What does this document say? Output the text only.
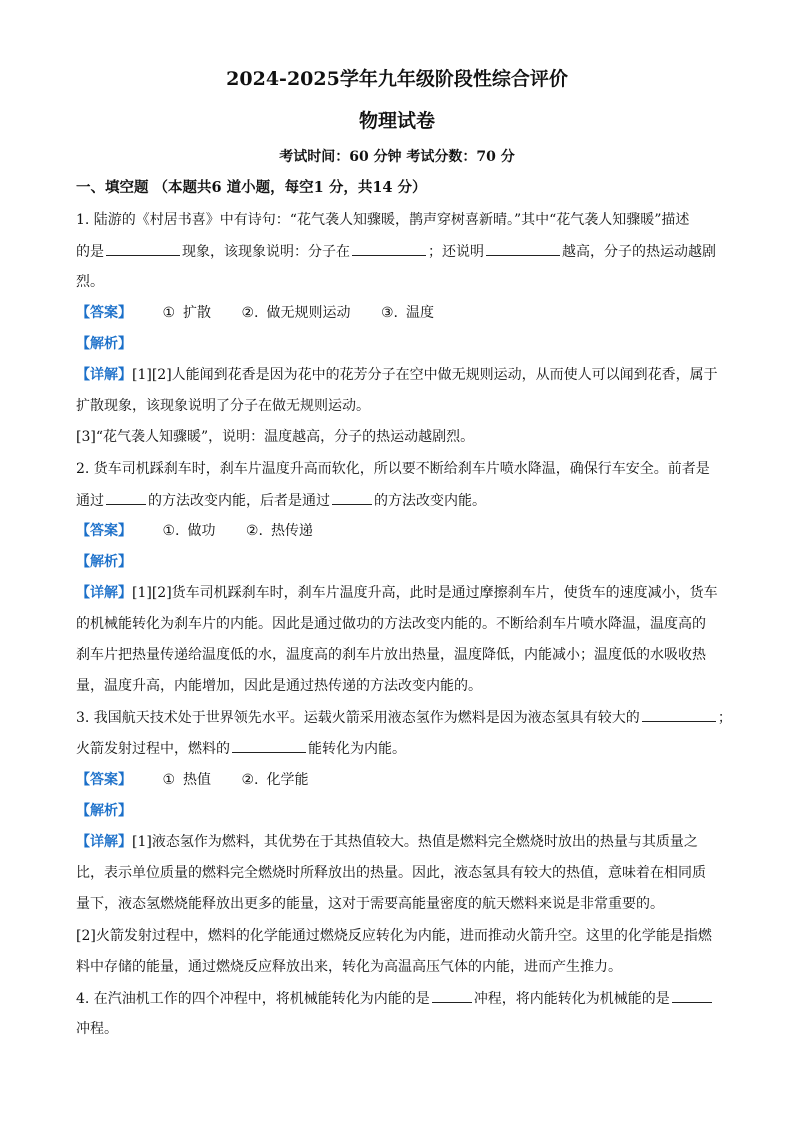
2024-2025学年九年级阶段性综合评价
物理试卷
考试时间：60 分钟 考试分数：70 分
一、填空题 （本题共6 道小题，每空1 分，共14 分）
1. 陆游的《村居书喜》中有诗句：“花气袭人知骤暖，鹊声穿树喜新晴。”其中“花气袭人知骤暖”描述
的是	现象，该现象说明：分子在	；还说明	越高，分子的热运动越剧
烈。
【答案】 ① 扩散 ②. 做无规则运动 ③. 温度
【解析】
【详解】[1][2]人能闻到花香是因为花中的花芳分子在空中做无规则运动，从而使人可以闻到花香，属于
扩散现象，该现象说明了分子在做无规则运动。
[3]“花气袭人知骤暖”，说明：温度越高，分子的热运动越剧烈。
2. 货车司机踩刹车时，刹车片温度升高而软化，所以要不断给刹车片喷水降温，确保行车安全。前者是
通过	的方法改变内能，后者是通过	的方法改变内能。
【答案】 ①. 做功 ②. 热传递
【解析】
【详解】[1][2]货车司机踩刹车时，刹车片温度升高，此时是通过摩擦刹车片，使货车的速度减小，货车
的机械能转化为刹车片的内能。因此是通过做功的方法改变内能的。不断给刹车片喷水降温，温度高的
刹车片把热量传递给温度低的水，温度高的刹车片放出热量，温度降低，内能减小；温度低的水吸收热
量，温度升高，内能增加，因此是通过热传递的方法改变内能的。
3. 我国航天技术处于世界领先水平。运载火箭采用液态氢作为燃料是因为液态氢具有较大的	；
火箭发射过程中，燃料的	能转化为内能。
【答案】 ① 热值 ②. 化学能
【解析】
【详解】[1]液态氢作为燃料，其优势在于其热值较大。热值是燃料完全燃烧时放出的热量与其质量之
比，表示单位质量的燃料完全燃烧时所释放出的热量。因此，液态氢具有较大的热值，意味着在相同质
量下，液态氢燃烧能释放出更多的能量，这对于需要高能量密度的航天燃料来说是非常重要的。
[2]火箭发射过程中，燃料的化学能通过燃烧反应转化为内能，进而推动火箭升空。这里的化学能是指燃
料中存储的能量，通过燃烧反应释放出来，转化为高温高压气体的内能，进而产生推力。
4. 在汽油机工作的四个冲程中，将机械能转化为内能的是	冲程，将内能转化为机械能的是
冲程。
